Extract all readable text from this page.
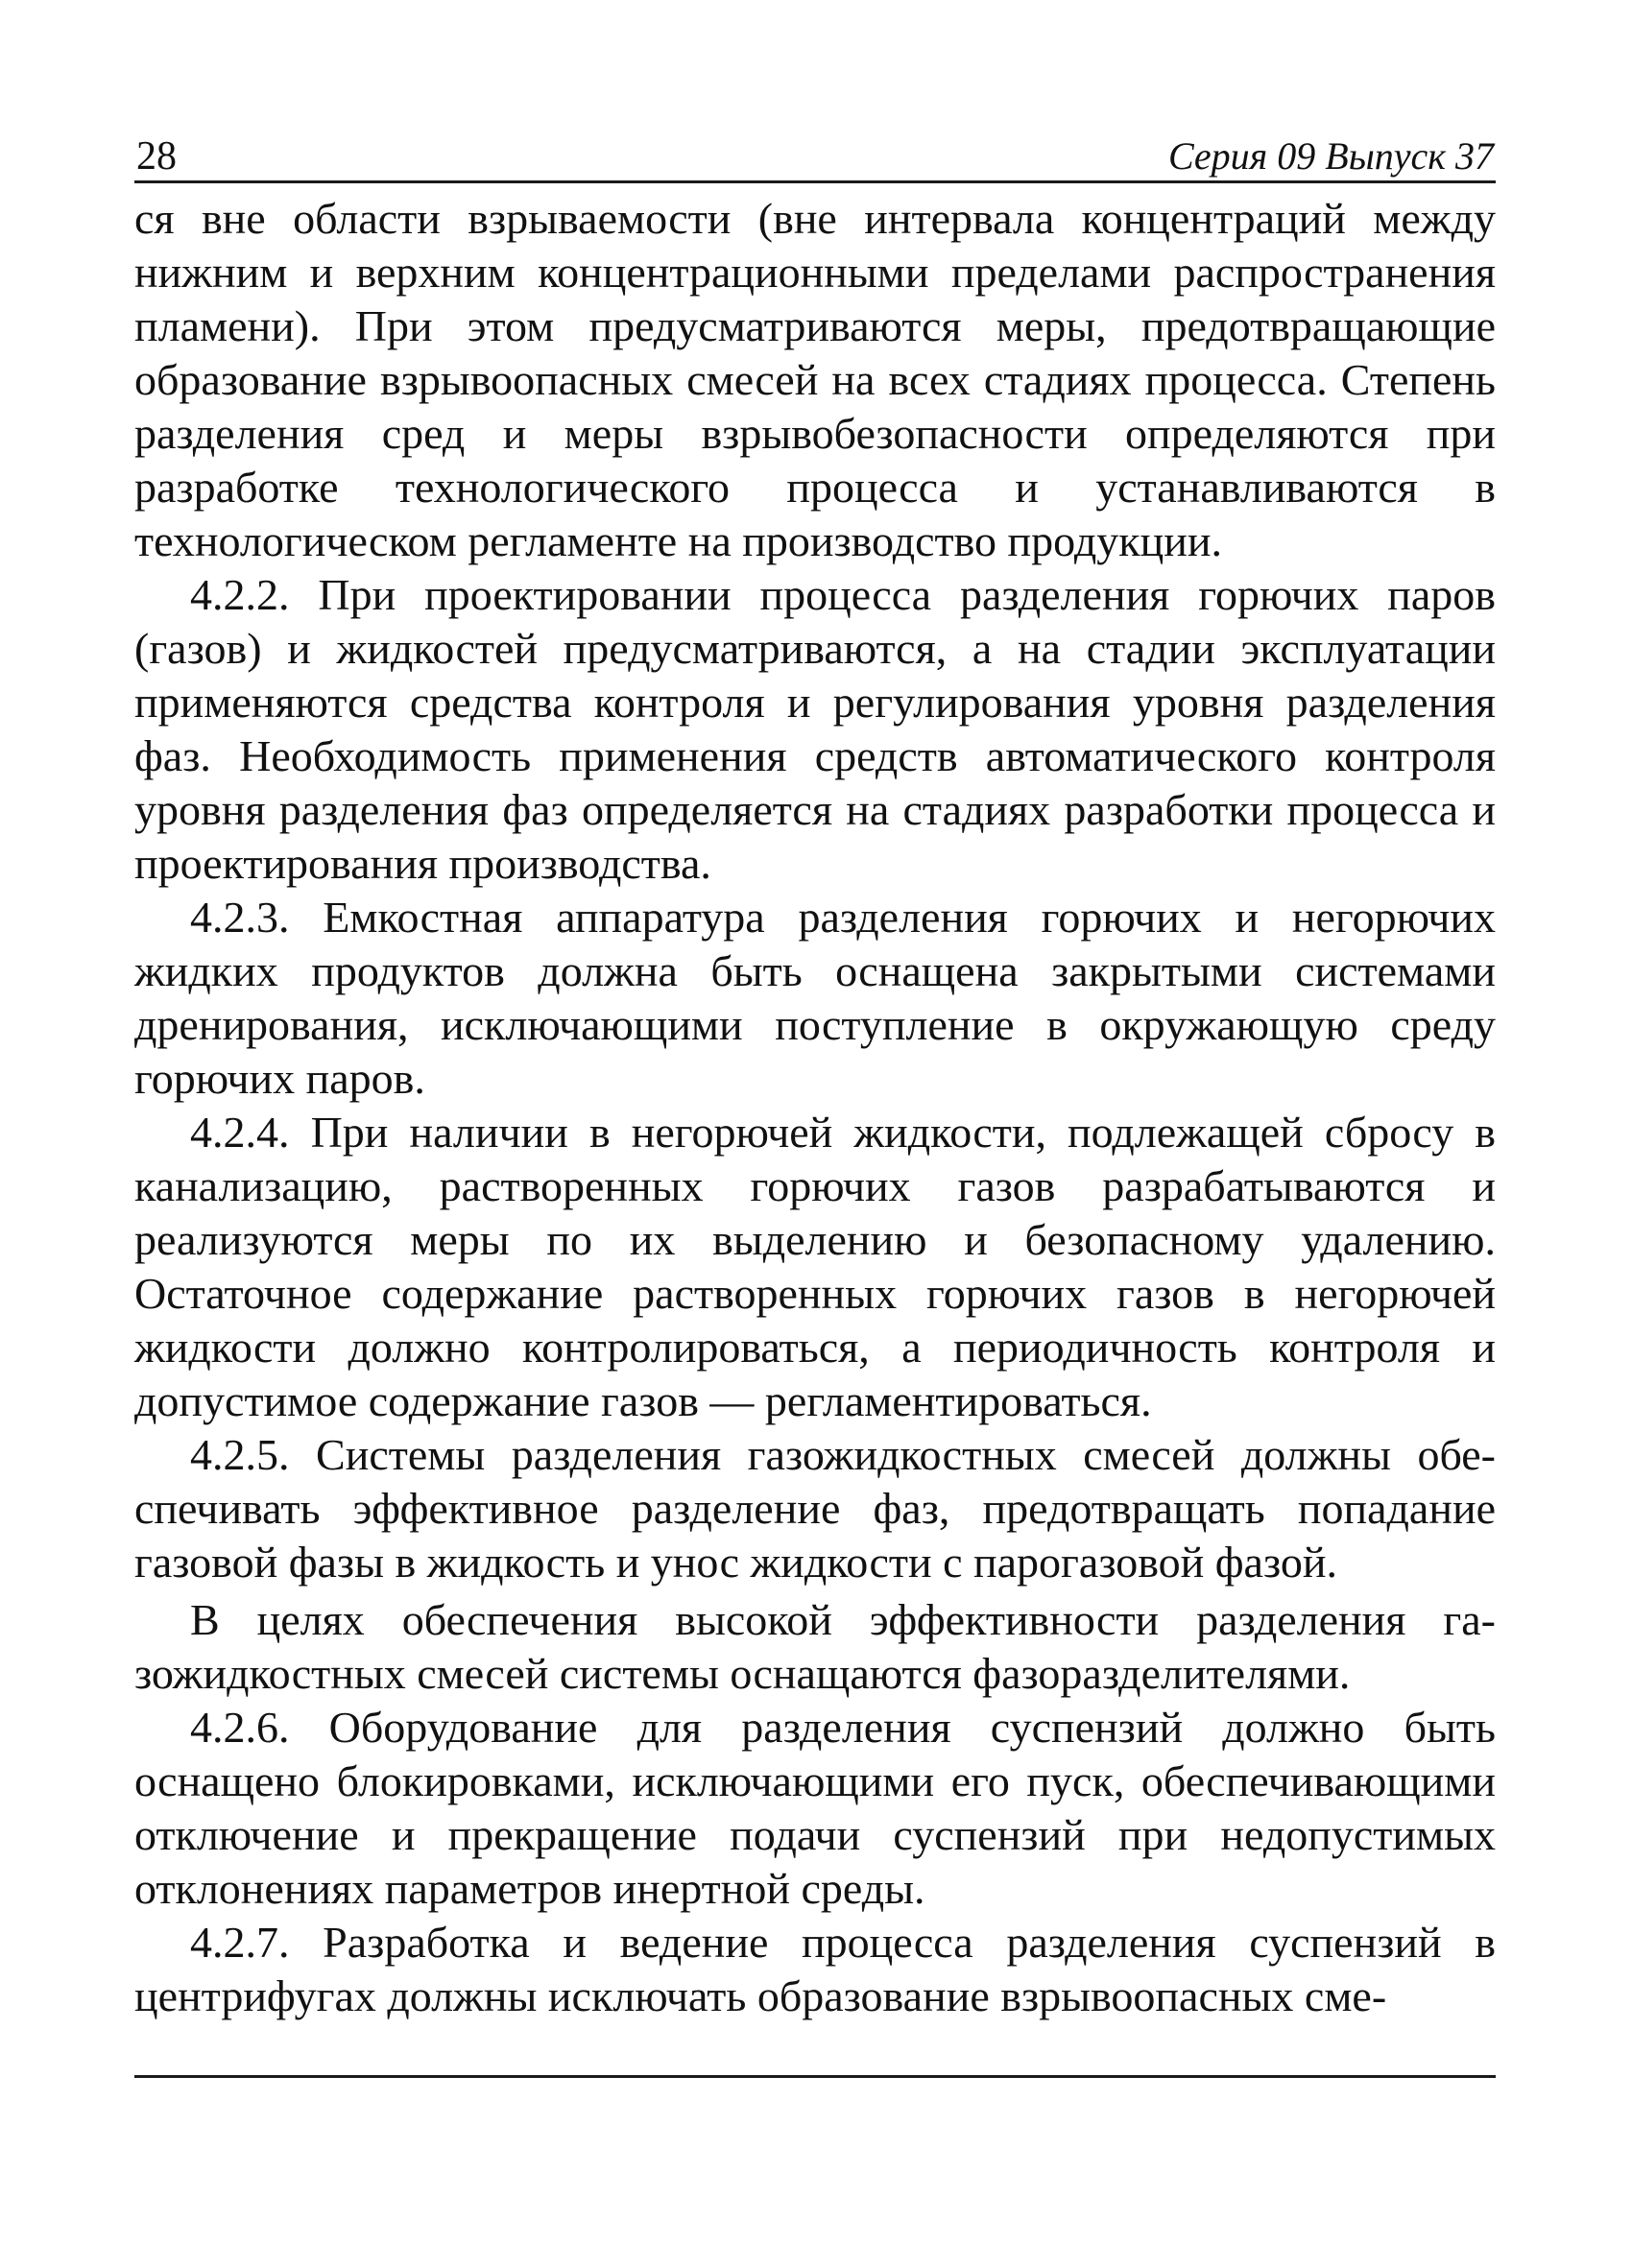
28	Серия 09 Выпуск 37

ся вне области взрываемости (вне интервала концентраций между нижним и верхним концентрационными пределами распространения пламени). При этом предусматриваются меры, предотвращающие образование взрывоопасных смесей на всех стадиях процесса. Степень разделения сред и меры взрывобезопасности определяются при разработке технологического процесса и устанавливаются в технологическом регламенте на производство продукции.

4.2.2. При проектировании процесса разделения горючих паров (газов) и жидкостей предусматриваются, а на стадии эксплуатации применяются средства контроля и регулирования уровня разделения фаз. Необходимость применения средств автоматического контроля уровня разделения фаз определяется на стадиях разработки процесса и проектирования производства.

4.2.3. Емкостная аппаратура разделения горючих и негорючих жидких продуктов должна быть оснащена закрытыми системами дренирования, исключающими поступление в окружающую среду горючих паров.

4.2.4. При наличии в негорючей жидкости, подлежащей сбросу в канализацию, растворенных горючих газов разрабатываются и реализуются меры по их выделению и безопасному удалению. Остаточное содержание растворенных горючих газов в негорючей жидкости должно контролироваться, а периодичность контроля и допустимое содержание газов — регламентироваться.

4.2.5. Системы разделения газожидкостных смесей должны обеспечивать эффективное разделение фаз, предотвращать попадание газовой фазы в жидкость и унос жидкости с парогазовой фазой.

В целях обеспечения высокой эффективности разделения газожидкостных смесей системы оснащаются фазоразделителями.

4.2.6. Оборудование для разделения суспензий должно быть оснащено блокировками, исключающими его пуск, обеспечивающими отключение и прекращение подачи суспензий при недопустимых отклонениях параметров инертной среды.

4.2.7. Разработка и ведение процесса разделения суспензий в центрифугах должны исключать образование взрывоопасных сме-
